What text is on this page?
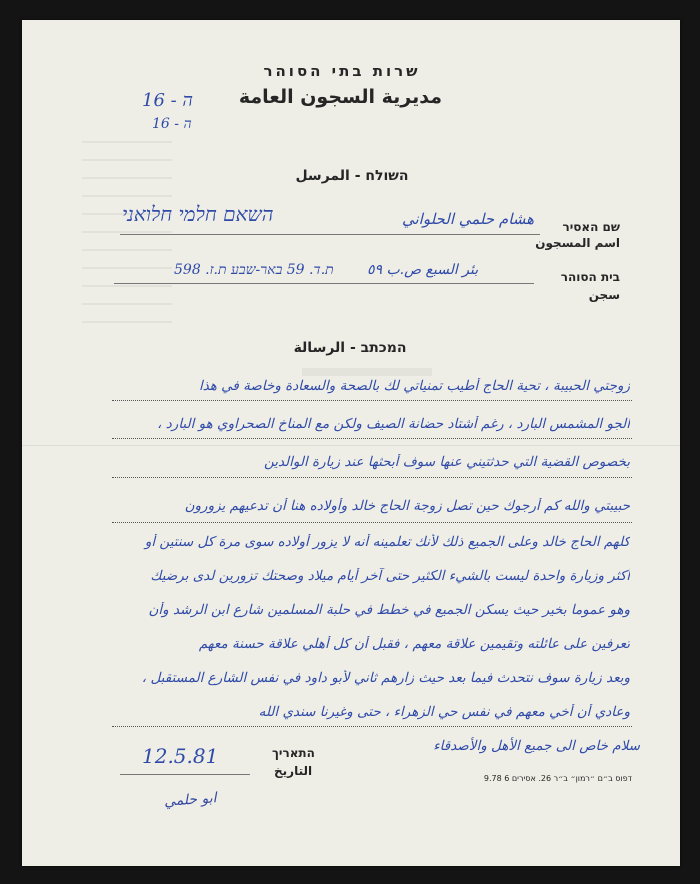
שרות בתי הסוהר
مديرية السجون العامة
ה - 16
ה - 16
השולח - المرسل
שם האסיר
اسم المسجون
هشام حلمي الحلواني
השאם חלמי חלואני
בית הסוהר
سجن
بئر السبع ص.ب ٥٩
ת.ד. 59 באר-שבע ת.ז. 598
המכתב - الرسالة
زوجتي الحبيبة ، تحية الحاج أطيب تمنياتي لك بالصحة والسعادة وخاصة في هذا
الجو المشمس البارد ، رغم أشتاد حضانة الصيف ولكن مع المناخ الصحراوي هو البارد ،
بخصوص القضية التي حدثتيني عنها سوف أبحثها عند زيارة الوالدين
حبيبتي والله كم أرجوك حين تصل زوجة الحاج خالد وأولاده هنا أن تدعيهم يزورون
كلهم الحاج خالد وعلى الجميع ذلك لأنك تعلمينه أنه لا يزور أولاده سوى مرة كل سنتين أو
أكثر وزيارة واحدة ليست بالشيء الكثير حتى آخر أيام ميلاد وصحتك تزورين لدى برضيك
وهو عموما بخير حيث يسكن الجميع في خطط في حلبة المسلمين شارع ابن الرشد وأن
تعرفين على عائلته وتقيمين علاقة معهم ، فقبل أن كل أهلي علاقة حسنة معهم
وبعد زيارة سوف نتحدث فيما بعد حيث زارهم ثاني لأبو داود في نفس الشارع المستقبل ،
وعادي أن أخي معهم في نفس حي الزهراء ، حتى وغيرنا سندي الله
سلام خاص الى جميع الأهل والأصدقاء
12.5.81	התאריך
التاريخ
ابو حلمي
דפוס ב״ם ״רמון״ ב״ר 26. אסירים 6 9.78
